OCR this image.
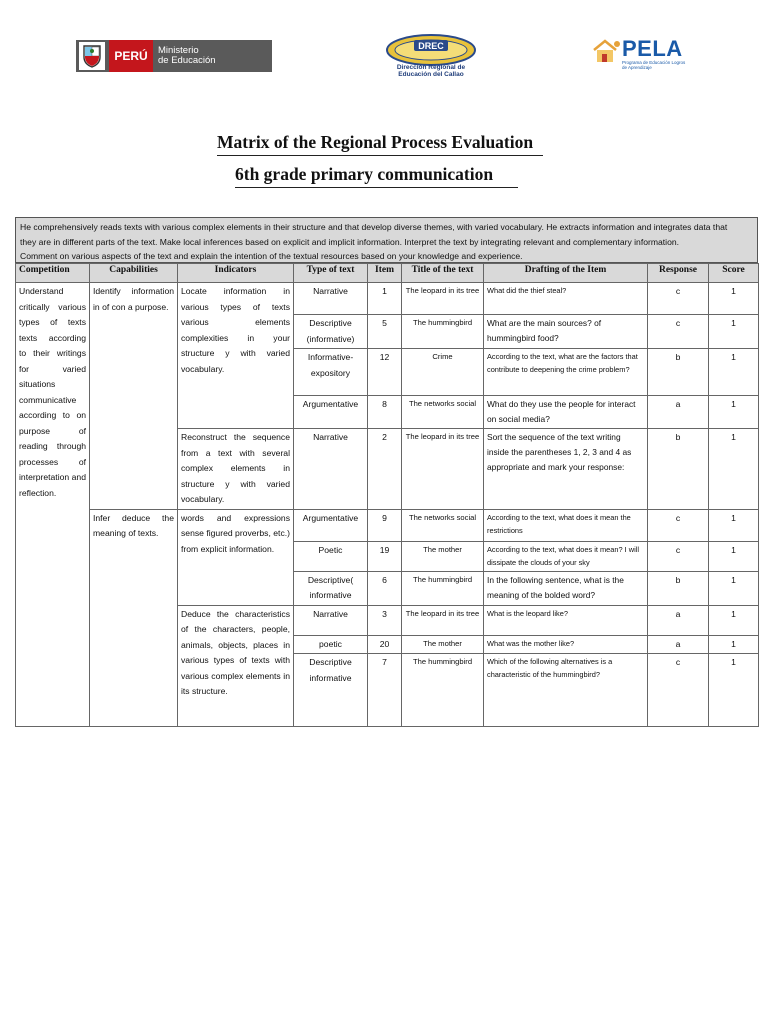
PERÚ	Ministerio
de Educación
DREC
Dirección Regional de
Educación del Callao
PELA
Programa de Educación Logros de Aprendizaje
Matrix of the Regional Process Evaluation
6th grade primary communication
He comprehensively reads texts with various complex elements in their structure and that develop diverse themes, with varied vocabulary. He extracts information and integrates data that
they are in different parts of the text. Make local inferences based on explicit and implicit information. Interpret the text by integrating relevant and complementary information.
Comment on various aspects of the text and explain the intention of the textual resources based on your knowledge and experience.
Competition	Capabilities	Indicators	Type of text	Item	Title of the text	Drafting of the Item	Response	Score
Understand critically various types of texts texts according to their writings for varied situations communicative according to on purpose of reading through processes of interpretation and reflection.	Identify information in of con a purpose.	Locate information in various types of texts various elements complexities in your structure y with varied vocabulary.	Narrative	1	The leopard in its tree	What did the thief steal?	c	1
			Descriptive (informative)	5	The hummingbird	What are the main sources? of hummingbird food?	c	1
			Informative-expository	12	Crime	According to the text, what are the factors that contribute to deepening the crime problem?	b	1
			Argumentative	8	The networks social	What do they use the people for interact on social media?	a	1
		Reconstruct the sequence from a text with several complex elements in structure y with varied vocabulary.	Narrative	2	The leopard in its tree	Sort the sequence of the text writing inside the parentheses 1, 2, 3 and 4 as appropriate and mark your response:	b	1
	Infer deduce the meaning of texts.	words and expressions sense figured proverbs, etc.) from explicit information.	Argumentative	9	The networks social	According to the text, what does it mean the restrictions	c	1
			Poetic	19	The mother	According to the text, what does it mean? I will dissipate the clouds of your sky	c	1
			Descriptive( informative	6	The hummingbird	In the following sentence, what is the meaning of the bolded word?	b	1
		Deduce the characteristics of the characters, people, animals, objects, places in various types of texts with various complex elements in its structure.	Narrative	3	The leopard in its tree	What is the leopard like?	a	1
			poetic	20	The mother	What was the mother like?	a	1
			Descriptive informative	7	The hummingbird	Which of the following alternatives is a characteristic of the hummingbird?	c	1
